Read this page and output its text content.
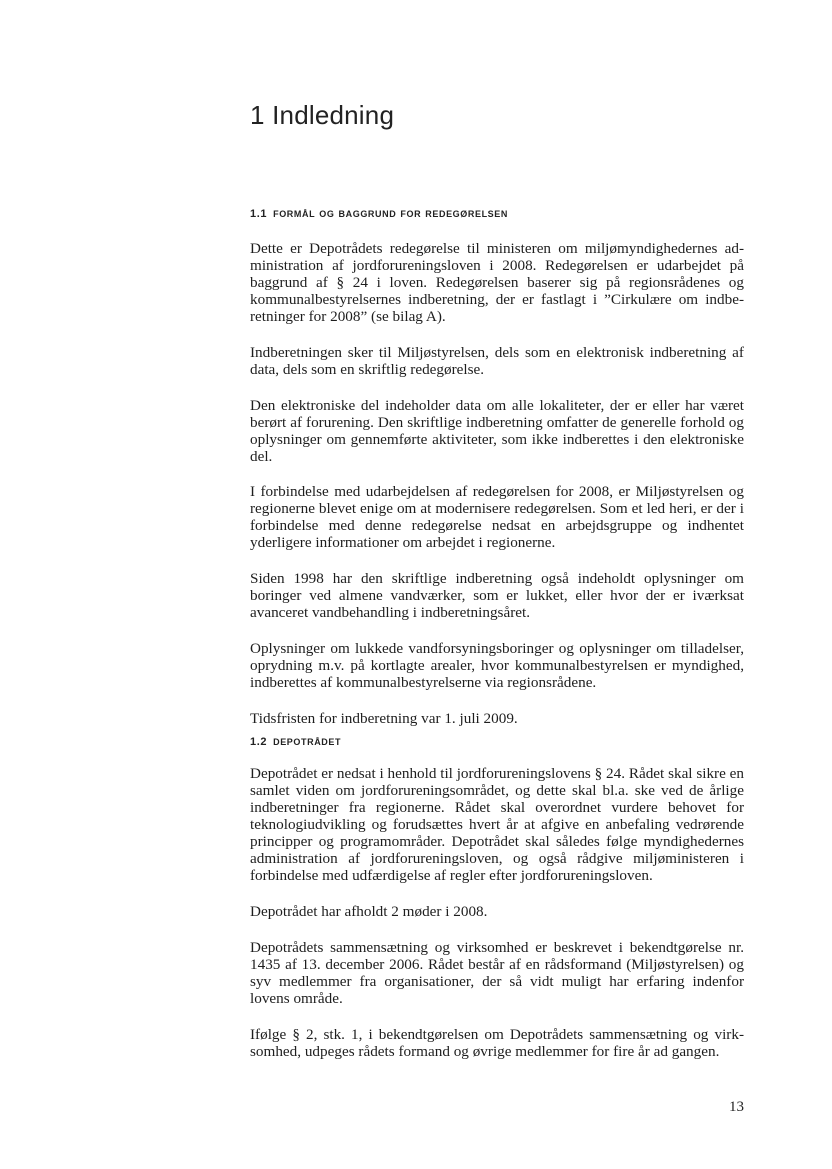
1 Indledning
1.1 formål og baggrund for redegørelsen

Dette er Depotrådets redegørelse til ministeren om miljømyndighedernes administration af jordforureningsloven i 2008. Redegørelsen er udarbejdet på baggrund af § 24 i loven. Redegørelsen baserer sig på regionsrådenes og kommunalbestyrelsernes indberetning, der er fastlagt i ”Cirkulære om indberetninger for 2008” (se bilag A).

Indberetningen sker til Miljøstyrelsen, dels som en elektronisk indberetning af data, dels som en skriftlig redegørelse.

Den elektroniske del indeholder data om alle lokaliteter, der er eller har været berørt af forurening. Den skriftlige indberetning omfatter de generelle forhold og oplysninger om gennemførte aktiviteter, som ikke indberettes i den elektroniske del.

I forbindelse med udarbejdelsen af redegørelsen for 2008, er Miljøstyrelsen og regionerne blevet enige om at modernisere redegørelsen. Som et led heri, er der i forbindelse med denne redegørelse nedsat en arbejdsgruppe og indhentet yderligere informationer om arbejdet i regionerne.

Siden 1998 har den skriftlige indberetning også indeholdt oplysninger om boringer ved almene vandværker, som er lukket, eller hvor der er iværksat avanceret vandbehandling i indberetningsåret.

Oplysninger om lukkede vandforsyningsboringer og oplysninger om tilladelser, oprydning m.v. på kortlagte arealer, hvor kommunalbestyrelsen er myndighed, indberettes af kommunalbestyrelserne via regionsrådene.

Tidsfristen for indberetning var 1. juli 2009.

1.2 depotrådet

Depotrådet er nedsat i henhold til jordforureningslovens § 24. Rådet skal sikre en samlet viden om jordforureningsområdet, og dette skal bl.a. ske ved de årlige indberetninger fra regionerne. Rådet skal overordnet vurdere behovet for teknologiudvikling og forudsættes hvert år at afgive en anbefaling vedrørende principper og programområder. Depotrådet skal således følge myndighedernes administration af jordforureningsloven, og også rådgive miljøministeren i forbindelse med udfærdigelse af regler efter jordforureningsloven.

Depotrådet har afholdt 2 møder i 2008.

Depotrådets sammensætning og virksomhed er beskrevet i bekendtgørelse nr. 1435 af 13. december 2006. Rådet består af en rådsformand (Miljøstyrelsen) og syv medlemmer fra organisationer, der så vidt muligt har erfaring indenfor lovens område.

Ifølge § 2, stk. 1, i bekendtgørelsen om Depotrådets sammensætning og virksomhed, udpeges rådets formand og øvrige medlemmer for fire år ad gangen.

13
